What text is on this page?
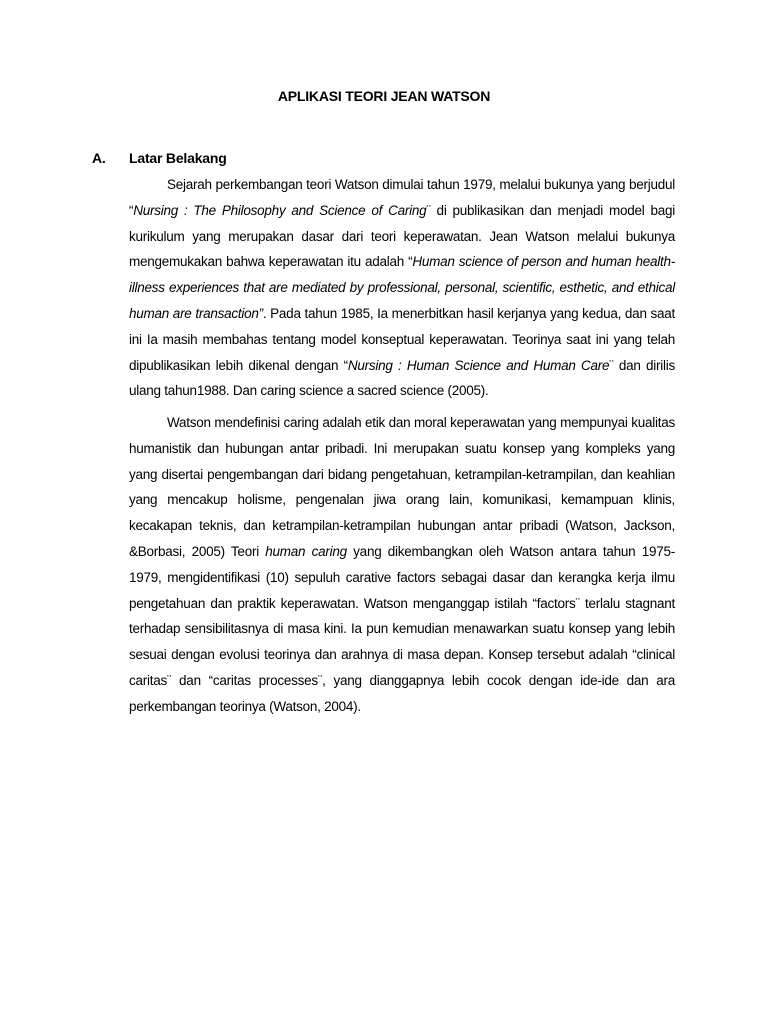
APLIKASI TEORI JEAN WATSON
A. Latar Belakang

Sejarah perkembangan teori Watson dimulai tahun 1979, melalui bukunya yang berjudul “Nursing : The Philosophy and Science of Caring¨ di publikasikan dan menjadi model bagi kurikulum yang merupakan dasar dari teori keperawatan. Jean Watson melalui bukunya mengemukakan bahwa keperawatan itu adalah “Human science of person and human health-illness experiences that are mediated by professional, personal, scientific, esthetic, and ethical human are transaction”. Pada tahun 1985, Ia menerbitkan hasil kerjanya yang kedua, dan saat ini Ia masih membahas tentang model konseptual keperawatan. Teorinya saat ini yang telah dipublikasikan lebih dikenal dengan “Nursing : Human Science and Human Care¨ dan dirilis ulang tahun1988. Dan caring science a sacred science (2005).

Watson mendefinisi caring adalah etik dan moral keperawatan yang mempunyai kualitas humanistik dan hubungan antar pribadi. Ini merupakan suatu konsep yang kompleks yang yang disertai pengembangan dari bidang pengetahuan, ketrampilan-ketrampilan, dan keahlian yang mencakup holisme, pengenalan jiwa orang lain, komunikasi, kemampuan klinis, kecakapan teknis, dan ketrampilan-ketrampilan hubungan antar pribadi (Watson, Jackson, &Borbasi, 2005) Teori human caring yang dikembangkan oleh Watson antara tahun 1975-1979, mengidentifikasi (10) sepuluh carative factors sebagai dasar dan kerangka kerja ilmu pengetahuan dan praktik keperawatan. Watson menganggap istilah “factors¨ terlalu stagnant terhadap sensibilitasnya di masa kini. Ia pun kemudian menawarkan suatu konsep yang lebih sesuai dengan evolusi teorinya dan arahnya di masa depan. Konsep tersebut adalah “clinical caritas¨ dan “caritas processes¨, yang dianggapnya lebih cocok dengan ide-ide dan ara perkembangan teorinya (Watson, 2004).
